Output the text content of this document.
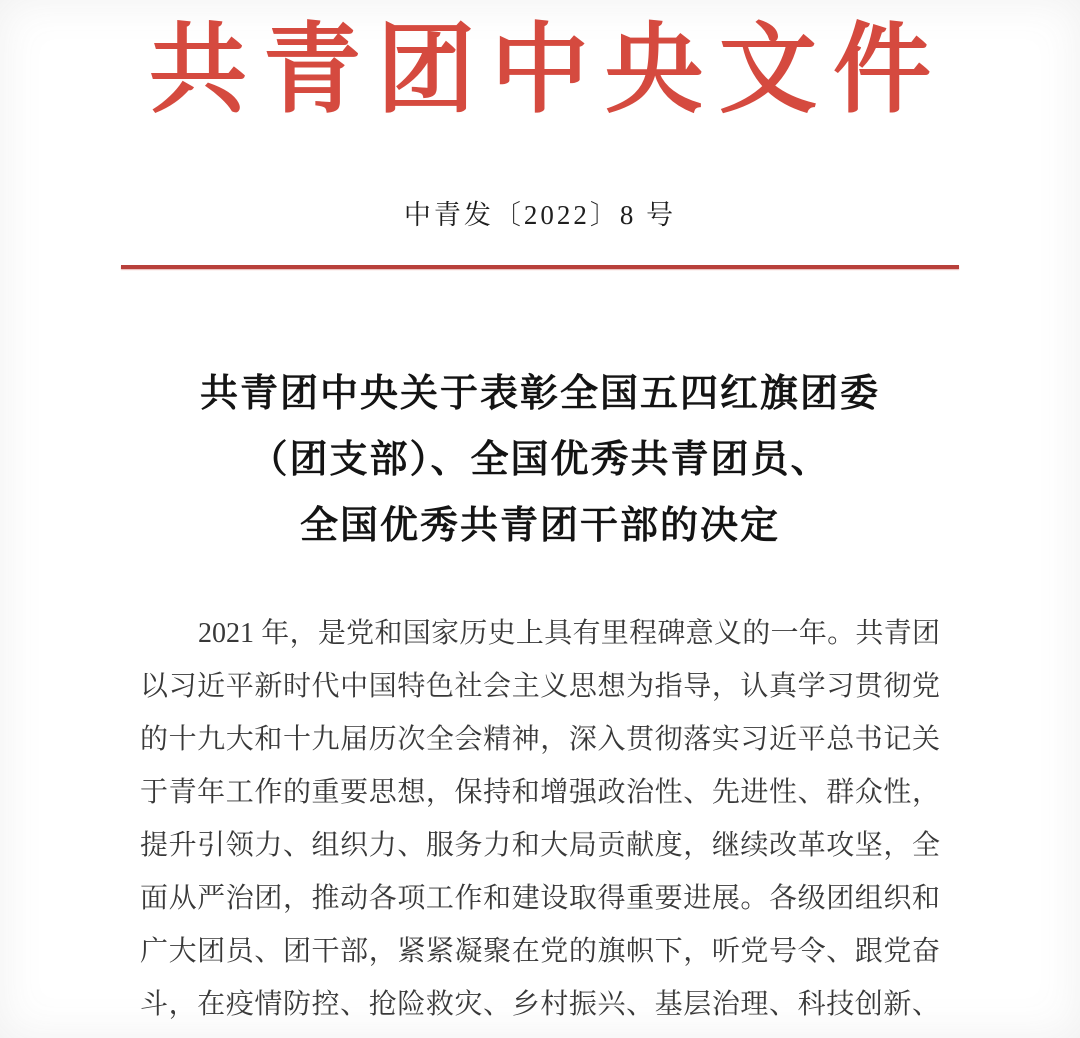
共青团中央文件
中青发〔2022〕8 号
共青团中央关于表彰全国五四红旗团委
（团支部）、全国优秀共青团员、
全国优秀共青团干部的决定
2021 年，是党和国家历史上具有里程碑意义的一年。共青团
以习近平新时代中国特色社会主义思想为指导，认真学习贯彻党
的十九大和十九届历次全会精神，深入贯彻落实习近平总书记关
于青年工作的重要思想，保持和增强政治性、先进性、群众性，
提升引领力、组织力、服务力和大局贡献度，继续改革攻坚，全
面从严治团，推动各项工作和建设取得重要进展。各级团组织和
广大团员、团干部，紧紧凝聚在党的旗帜下，听党号令、跟党奋
斗，在疫情防控、抢险救灾、乡村振兴、基层治理、科技创新、
